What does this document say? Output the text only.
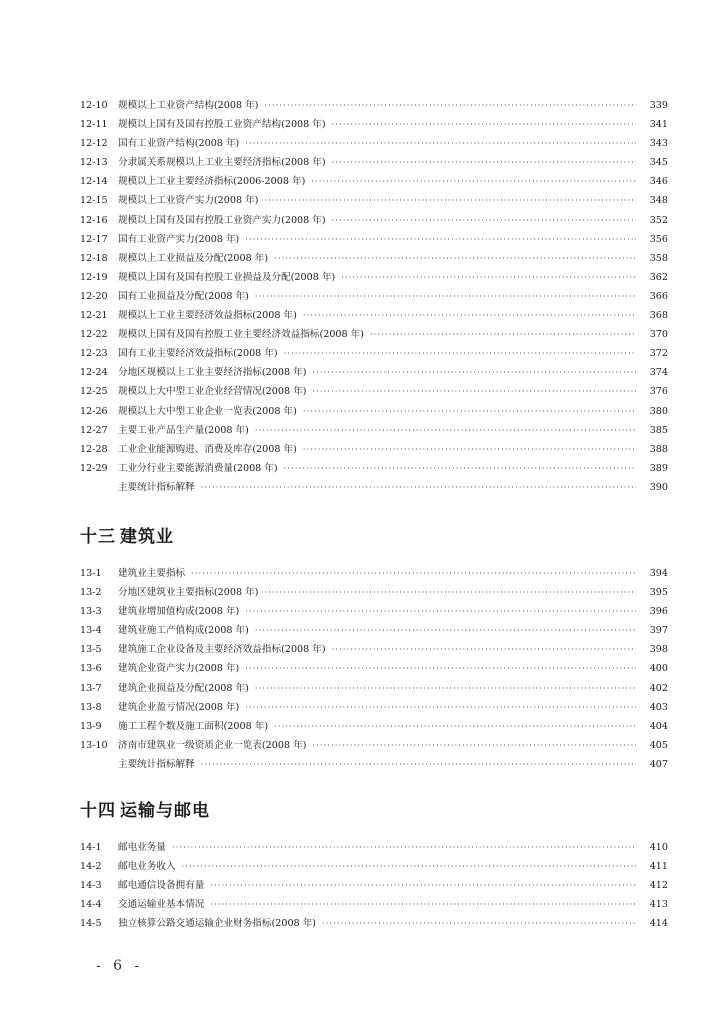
12-10	规模以上工业资产结构(2008 年) ·····	339
12-11	规模以上国有及国有控股工业资产结构(2008 年) ·····	341
12-12	国有工业资产结构(2008 年) ·····	343
12-13	分隶属关系规模以上工业主要经济指标(2008 年) ·····	345
12-14	规模以上工业主要经济指标(2006-2008 年) ·····	346
12-15	规模以上工业资产实力(2008 年) ·····	348
12-16	规模以上国有及国有控股工业资产实力(2008 年) ·····	352
12-17	国有工业资产实力(2008 年) ·····	356
12-18	规模以上工业损益及分配(2008 年) ·····	358
12-19	规模以上国有及国有控股工业损益及分配(2008 年) ·····	362
12-20	国有工业损益及分配(2008 年) ·····	366
12-21	规模以上工业主要经济效益指标(2008 年) ·····	368
12-22	规模以上国有及国有控股工业主要经济效益指标(2008 年) ·····	370
12-23	国有工业主要经济效益指标(2008 年) ·····	372
12-24	分地区规模以上工业主要经济指标(2008 年) ·····	374
12-25	规模以上大中型工业企业经营情况(2008 年) ·····	376
12-26	规模以上大中型工业企业一览表(2008 年) ·····	380
12-27	主要工业产品生产量(2008 年) ·····	385
12-28	工业企业能源购进、消费及库存(2008 年) ·····	388
12-29	工业分行业主要能源消费量(2008 年) ·····	389
主要统计指标解释 ·····	390
十三 建筑业
13-1	建筑业主要指标 ·····	394
13-2	分地区建筑业主要指标(2008 年) ·····	395
13-3	建筑业增加值构成(2008 年) ·····	396
13-4	建筑业施工产值构成(2008 年) ·····	397
13-5	建筑施工企业设备及主要经济效益指标(2008 年) ·····	398
13-6	建筑企业资产实力(2008 年) ·····	400
13-7	建筑企业损益及分配(2008 年) ·····	402
13-8	建筑企业盈亏情况(2008 年) ·····	403
13-9	施工工程个数及施工面积(2008 年) ·····	404
13-10	济南市建筑业一级资质企业一览表(2008 年) ·····	405
主要统计指标解释 ·····	407
十四 运输与邮电
14-1	邮电业务量 ·····	410
14-2	邮电业务收入 ·····	411
14-3	邮电通信设备拥有量 ·····	412
14-4	交通运输业基本情况 ·····	413
14-5	独立核算公路交通运输企业财务指标(2008 年) ·····	414
- 6 -
